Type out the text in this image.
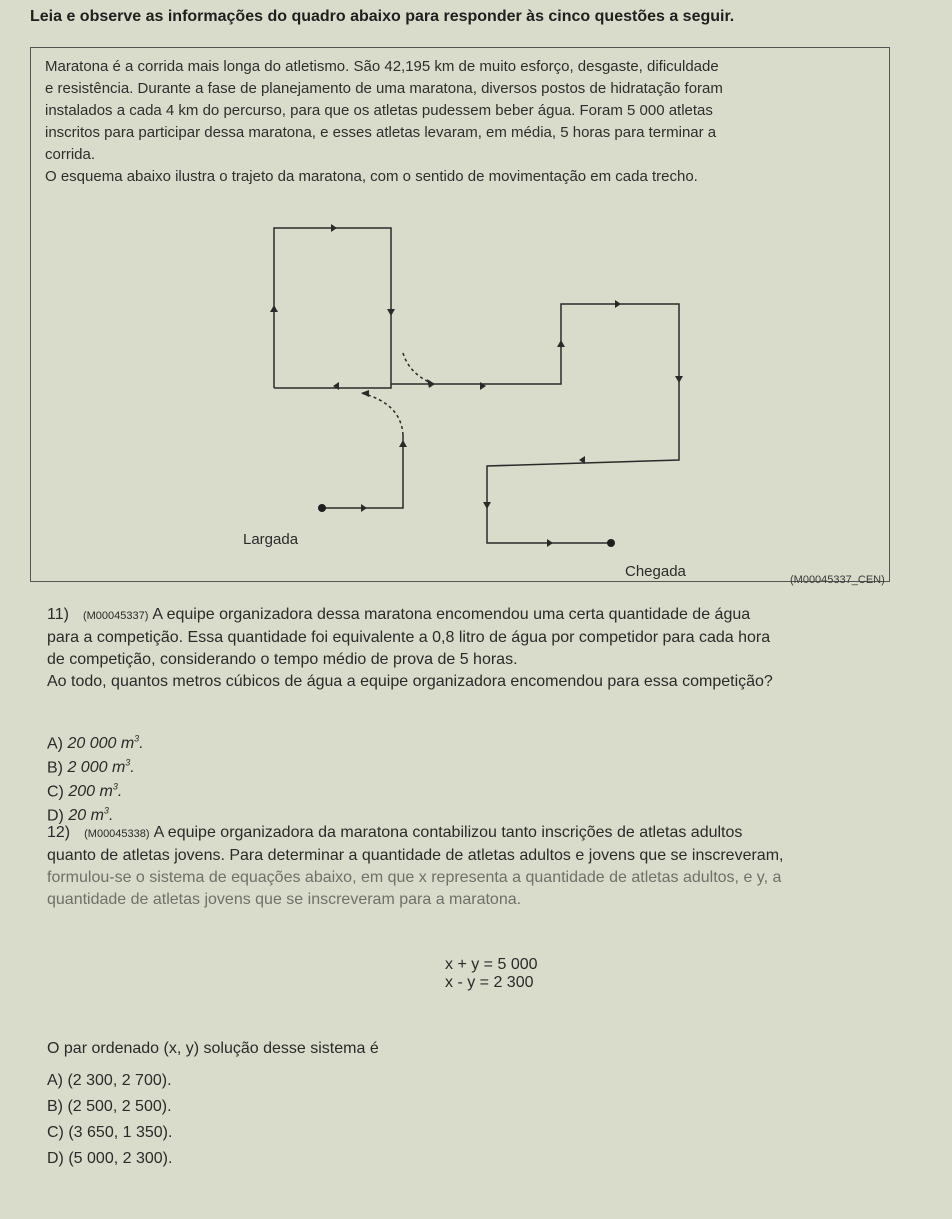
Leia e observe as informações do quadro abaixo para responder às cinco questões a seguir.
Maratona é a corrida mais longa do atletismo. São 42,195 km de muito esforço, desgaste, dificuldade
e resistência. Durante a fase de planejamento de uma maratona, diversos postos de hidratação foram
instalados a cada 4 km do percurso, para que os atletas pudessem beber água. Foram 5 000 atletas
inscritos para participar dessa maratona, e esses atletas levaram, em média, 5 horas para terminar a
corrida.
O esquema abaixo ilustra o trajeto da maratona, com o sentido de movimentação em cada trecho.
Largada
Chegada	(M00045337_CEN)
11) (M00045337) A equipe organizadora dessa maratona encomendou uma certa quantidade de água
para a competição. Essa quantidade foi equivalente a 0,8 litro de água por competidor para cada hora
de competição, considerando o tempo médio de prova de 5 horas.
Ao todo, quantos metros cúbicos de água a equipe organizadora encomendou para essa competição?
A) 20 000 $m^3$.
B) 2 000 $m^3$.
C) 200 $m^3$.
D) 20 $m^3$.
12) (M00045338) A equipe organizadora da maratona contabilizou tanto inscrições de atletas adultos
quanto de atletas jovens. Para determinar a quantidade de atletas adultos e jovens que se inscreveram,
formulou-se o sistema de equações abaixo, em que x representa a quantidade de atletas adultos, e y, a
quantidade de atletas jovens que se inscreveram para a maratona.
x + y = 5 000
x - y = 2 300
O par ordenado (x, y) solução desse sistema é
A) (2 300, 2 700).
B) (2 500, 2 500).
C) (3 650, 1 350).
D) (5 000, 2 300).
